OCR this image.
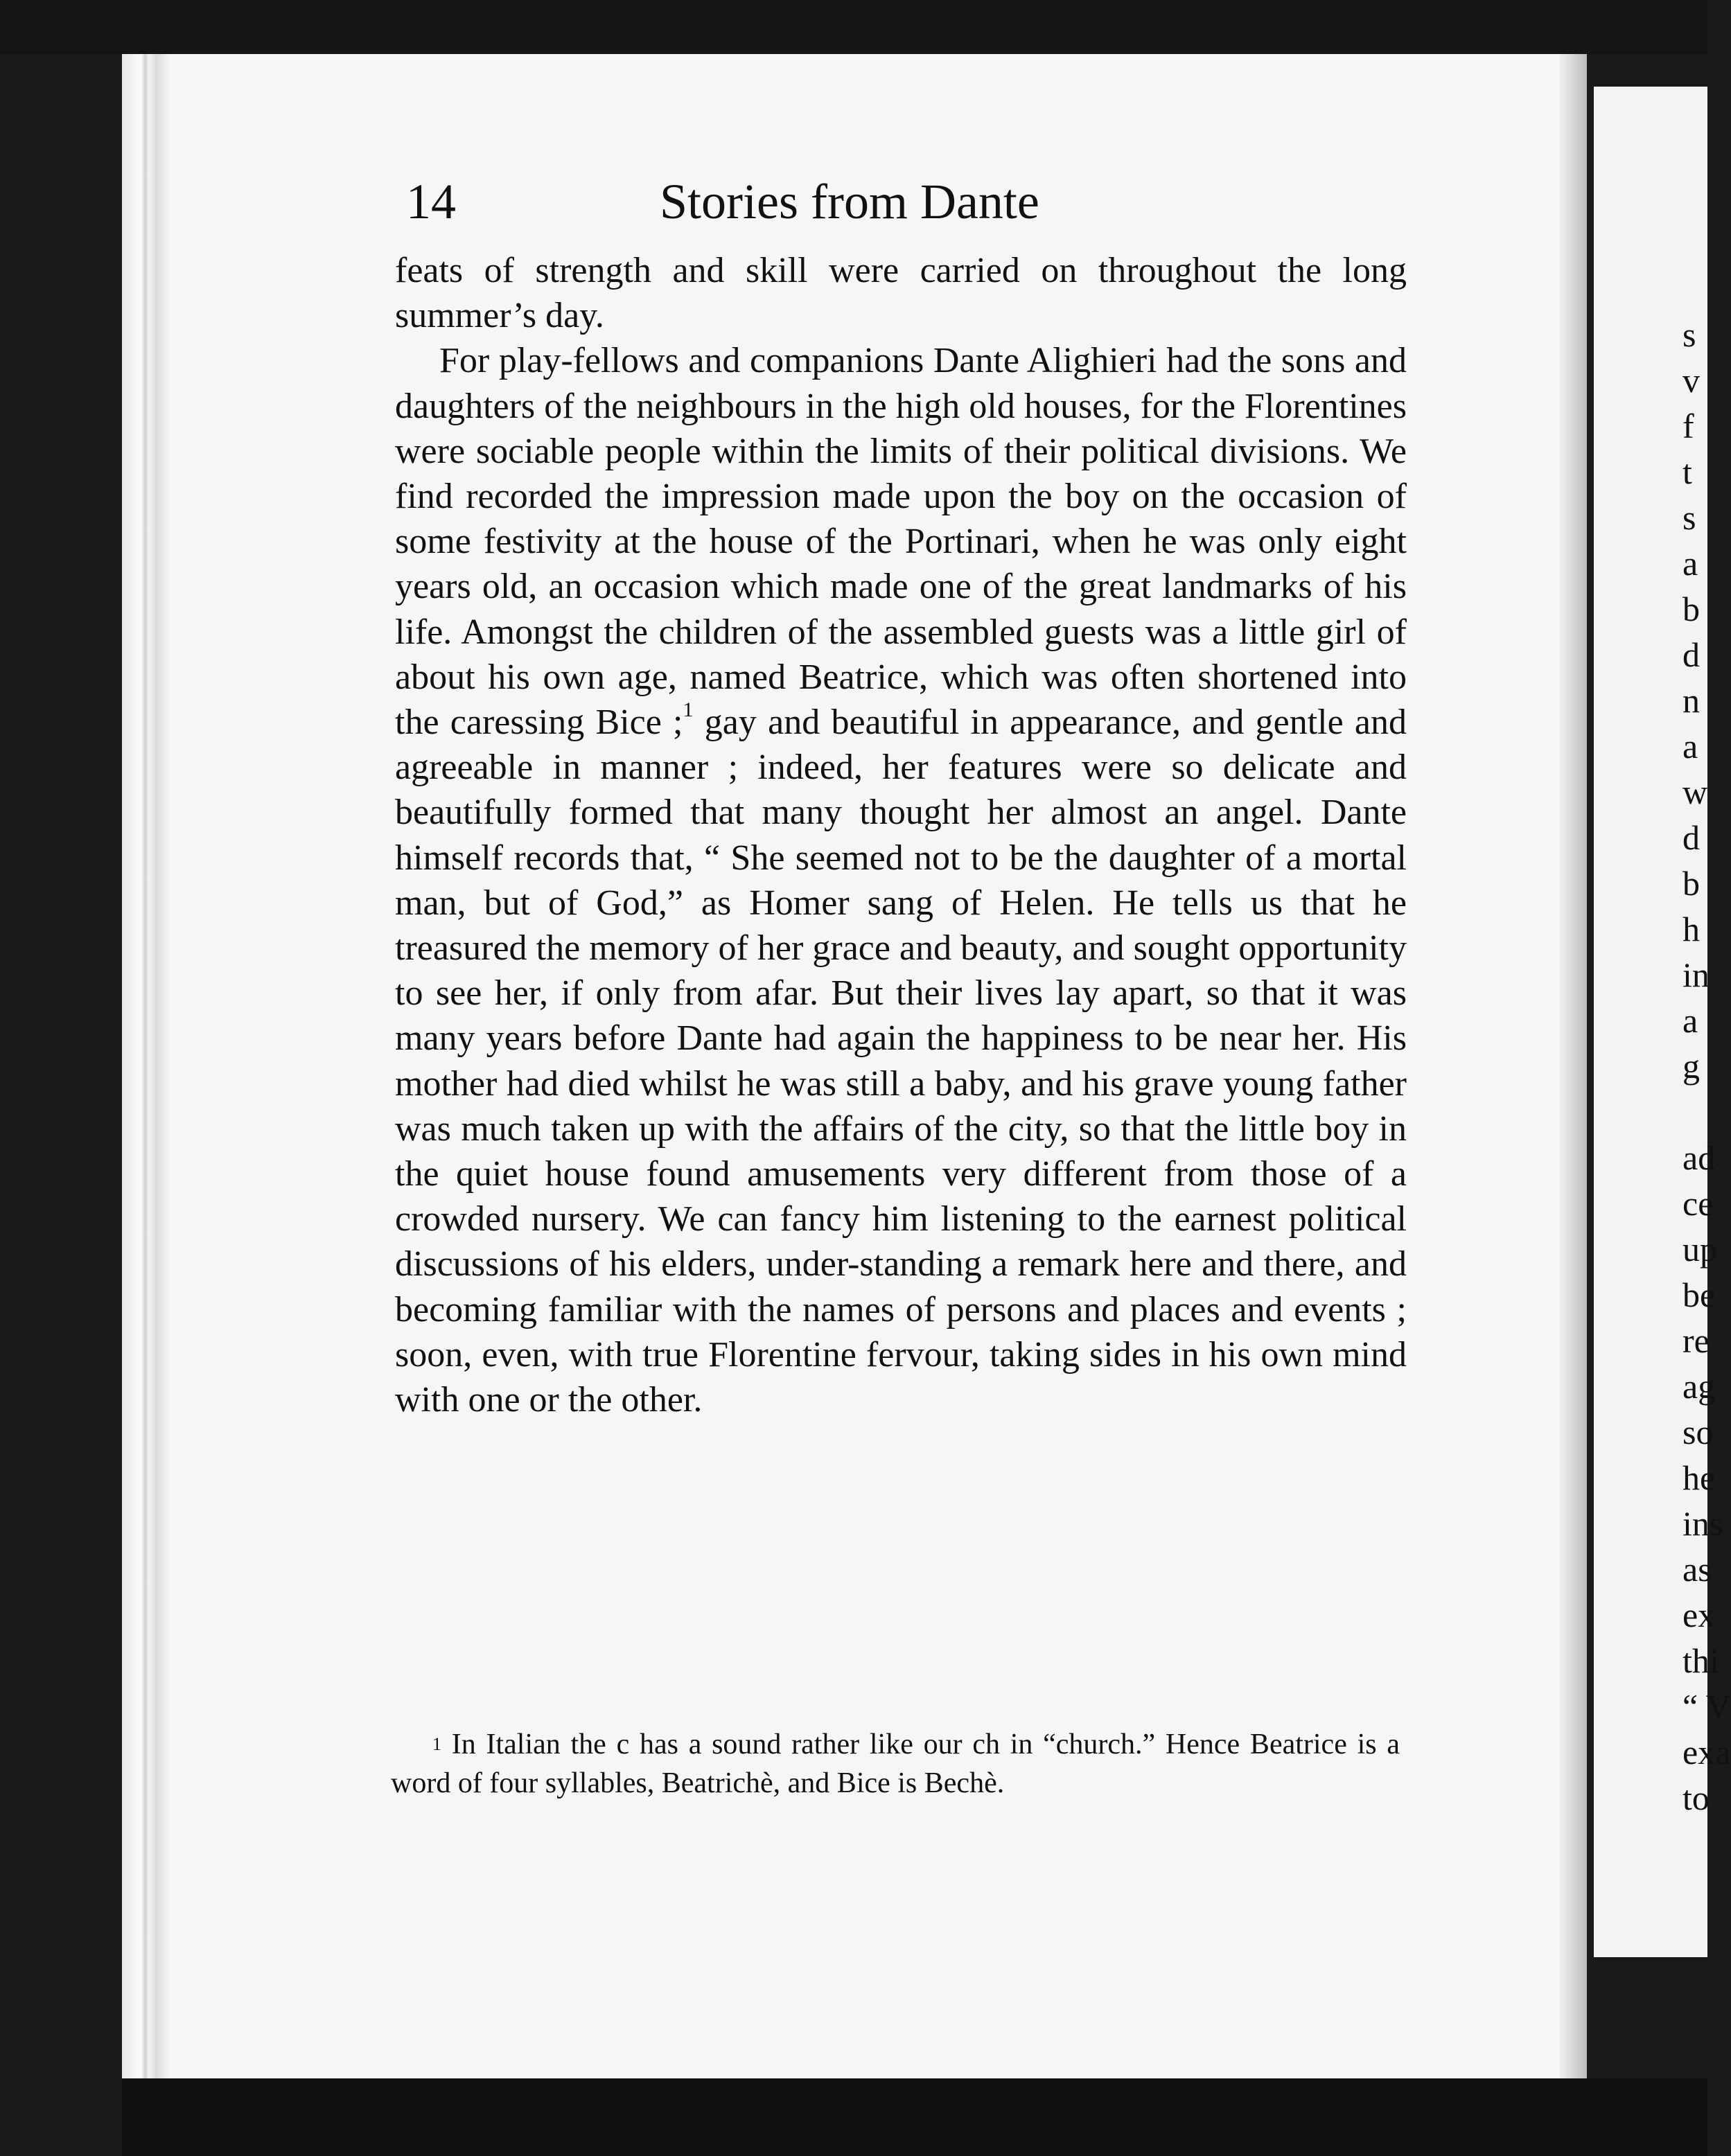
14	Stories from Dante

feats of strength and skill were carried on throughout the long summer’s day.

For play-fellows and companions Dante Alighieri had the sons and daughters of the neighbours in the high old houses, for the Florentines were sociable people within the limits of their political divisions. We find recorded the impression made upon the boy on the occasion of some festivity at the house of the Portinari, when he was only eight years old, an occasion which made one of the great landmarks of his life. Amongst the children of the assembled guests was a little girl of about his own age, named Beatrice, which was often shortened into the caressing Bice ;$^1$ gay and beautiful in appearance, and gentle and agreeable in manner ; indeed, her features were so delicate and beautifully formed that many thought her almost an angel. Dante himself records that, “ She seemed not to be the daughter of a mortal man, but of God,” as Homer sang of Helen. He tells us that he treasured the memory of her grace and beauty, and sought opportunity to see her, if only from afar. But their lives lay apart, so that it was many years before Dante had again the happiness to be near her. His mother had died whilst he was still a baby, and his grave young father was much taken up with the affairs of the city, so that the little boy in the quiet house found amusements very different from those of a crowded nursery. We can fancy him listening to the earnest political discussions of his elders, under-standing a remark here and there, and becoming familiar with the names of persons and places and events ; soon, even, with true Florentine fervour, taking sides in his own mind with one or the other.

$^1$ In Italian the c has a sound rather like our ch in “church.” Hence Beatrice is a word of four syllables, Beatrichè, and Bice is Bechè.

s
v
f
t
s
a
b
d
n
a
w
d
b
h
in
a
g
ad
ce
up
be
re
ag
so
he
ins
as
ex
thi
“ V
exa
to
